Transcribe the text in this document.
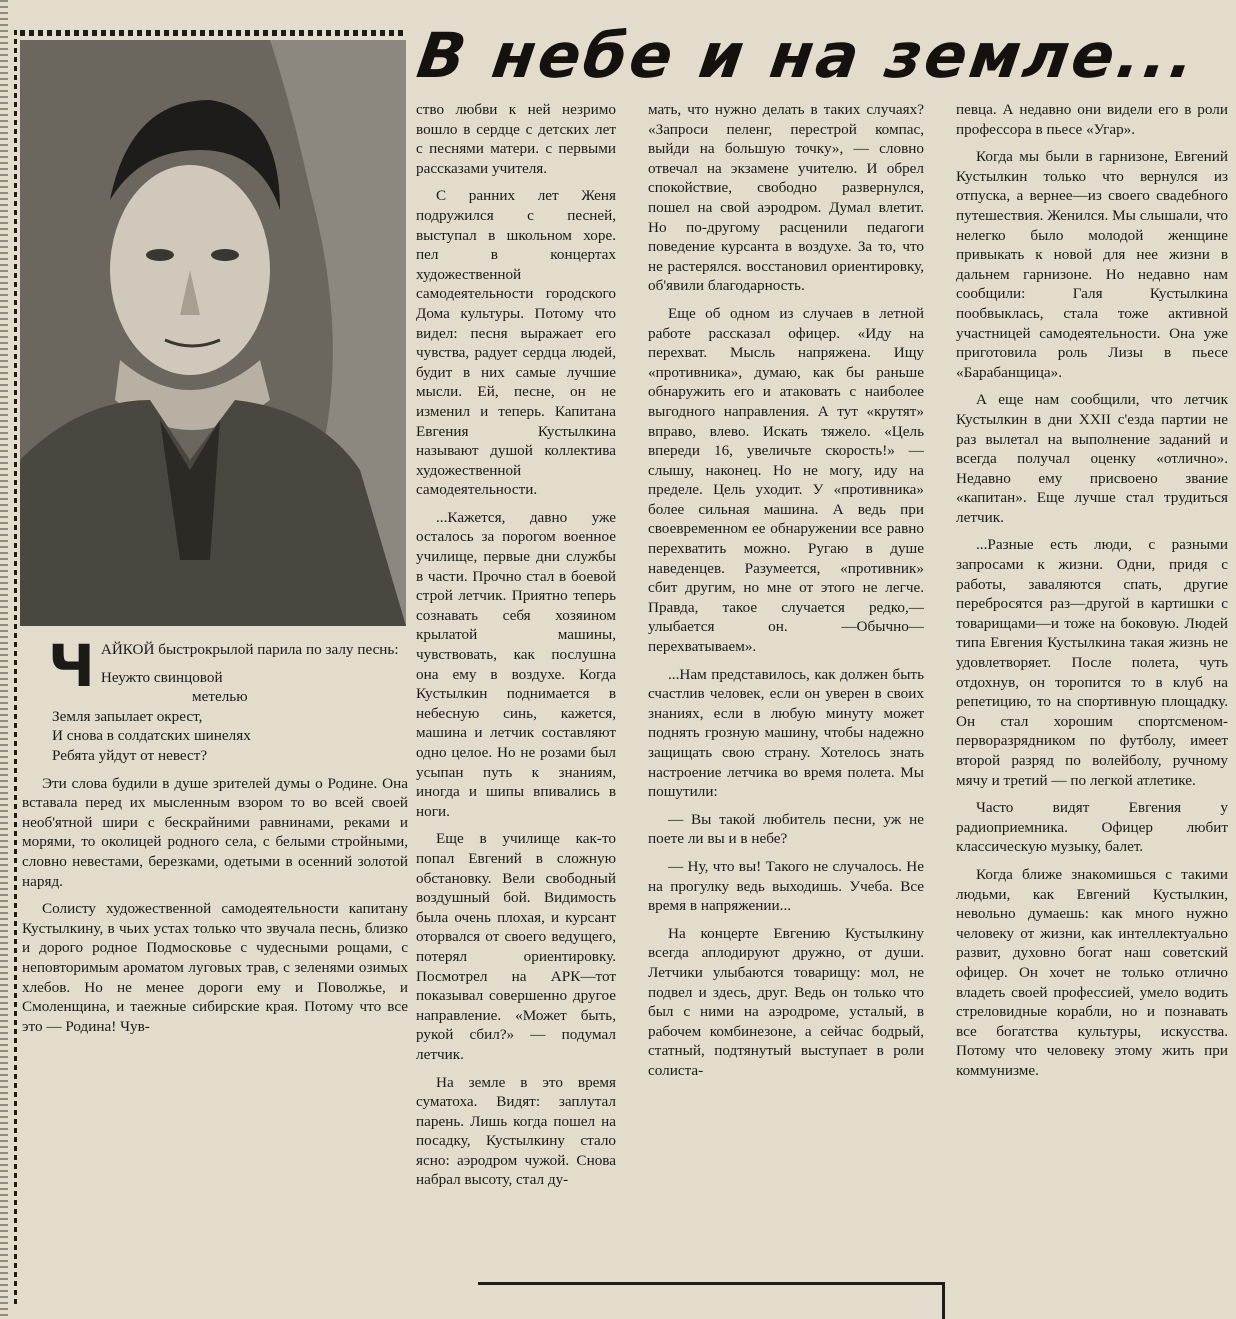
В небе и на земле...

ЧАЙКОЙ быстрокрылой парила по залу песнь:

Неужто свинцовой
метелью
Земля запылает окрест,
И снова в солдатских шинелях
Ребята уйдут от невест?

Эти слова будили в душе зрителей думы о Родине. Она вставала перед их мысленным взором то во всей своей необ'ятной шири с бескрайними равнинами, реками и морями, то околицей родного села, с белыми стройными, словно невестами, березками, одетыми в осенний золотой наряд.

Солисту художественной самодеятельности капитану Кустылкину, в чьих устах только что звучала песнь, близко и дорого родное Подмосковье с чудесными рощами, с неповторимым ароматом луговых трав, с зеленями озимых хлебов. Но не менее дороги ему и Поволжье, и Смоленщина, и таежные сибирские края. Потому что все это — Родина! Чув-

ство любви к ней незримо вошло в сердце с детских лет с песнями матери. с первыми рассказами учителя.

С ранних лет Женя подружился с песней, выступал в школьном хоре. пел в концертах художественной самодеятельности городского Дома культуры. Потому что видел: песня выражает его чувства, радует сердца людей, будит в них самые лучшие мысли. Ей, песне, он не изменил и теперь. Капитана Евгения Кустылкина называют душой коллектива художественной самодеятельности.

...Кажется, давно уже осталось за порогом военное училище, первые дни службы в части. Прочно стал в боевой строй летчик. Приятно теперь сознавать себя хозяином крылатой машины, чувствовать, как послушна она ему в воздухе. Когда Кустылкин поднимается в небесную синь, кажется, машина и летчик составляют одно целое. Но не розами был усыпан путь к знаниям, иногда и шипы впивались в ноги.

Еще в училище как-то попал Евгений в сложную обстановку. Вели свободный воздушный бой. Видимость была очень плохая, и курсант оторвался от своего ведущего, потерял ориентировку. Посмотрел на АРК—тот показывал совершенно другое направление. «Может быть, рукой сбил?» — подумал летчик.

На земле в это время суматоха. Видят: заплутал парень. Лишь когда пошел на посадку, Кустылкину стало ясно: аэродром чужой. Снова набрал высоту, стал ду-

мать, что нужно делать в таких случаях? «Запроси пеленг, перестрой компас, выйди на большую точку», — словно отвечал на экзамене учителю. И обрел спокойствие, свободно развернулся, пошел на свой аэродром. Думал влетит. Но по-другому расценили педагоги поведение курсанта в воздухе. За то, что не растерялся. восстановил ориентировку, об'явили благодарность.

Еще об одном из случаев в летной работе рассказал офицер. «Иду на перехват. Мысль напряжена. Ищу «противника», думаю, как бы раньше обнаружить его и атаковать с наиболее выгодного направления. А тут «крутят» вправо, влево. Искать тяжело. «Цель впереди 16, увеличьте скорость!» — слышу, наконец. Но не могу, иду на пределе. Цель уходит. У «противника» более сильная машина. А ведь при своевременном ее обнаружении все равно перехватить можно. Ругаю в душе наведенцев. Разумеется, «противник» сбит другим, но мне от этого не легче. Правда, такое случается редко,—улыбается он. —Обычно—перехватываем».

...Нам представилось, как должен быть счастлив человек, если он уверен в своих знаниях, если в любую минуту может поднять грозную машину, чтобы надежно защищать свою страну. Хотелось знать настроение летчика во время полета. Мы пошутили:

— Вы такой любитель песни, уж не поете ли вы и в небе?

— Ну, что вы! Такого не случалось. Не на прогулку ведь выходишь. Учеба. Все время в напряжении...

На концерте Евгению Кустылкину всегда аплодируют дружно, от души. Летчики улыбаются товарищу: мол, не подвел и здесь, друг. Ведь он только что был с ними на аэродроме, усталый, в рабочем комбинезоне, а сейчас бодрый, статный, подтянутый выступает в роли солиста-

певца. А недавно они видели его в роли профессора в пьесе «Угар».

Когда мы были в гарнизоне, Евгений Кустылкин только что вернулся из отпуска, а вернее—из своего свадебного путешествия. Женился. Мы слышали, что нелегко было молодой женщине привыкать к новой для нее жизни в дальнем гарнизоне. Но недавно нам сообщили: Галя Кустылкина пообвыклась, стала тоже активной участницей самодеятельности. Она уже приготовила роль Лизы в пьесе «Барабанщица».

А еще нам сообщили, что летчик Кустылкин в дни XXII с'езда партии не раз вылетал на выполнение заданий и всегда получал оценку «отлично». Недавно ему присвоено звание «капитан». Еще лучше стал трудиться летчик.

...Разные есть люди, с разными запросами к жизни. Одни, придя с работы, заваляются спать, другие перебросятся раз—другой в картишки с товарищами—и тоже на боковую. Людей типа Евгения Кустылкина такая жизнь не удовлетворяет. После полета, чуть отдохнув, он торопится то в клуб на репетицию, то на спортивную площадку. Он стал хорошим спортсменом-перворазрядником по футболу, имеет второй разряд по волейболу, ручному мячу и третий — по легкой атлетике.

Часто видят Евгения у радиоприемника. Офицер любит классическую музыку, балет.

Когда ближе знакомишься с такими людьми, как Евгений Кустылкин, невольно думаешь: как много нужно человеку от жизни, как интеллектуально развит, духовно богат наш советский офицер. Он хочет не только отлично владеть своей профессией, умело водить стреловидные корабли, но и познавать все богатства культуры, искусства. Потому что человеку этому жить при коммунизме.
